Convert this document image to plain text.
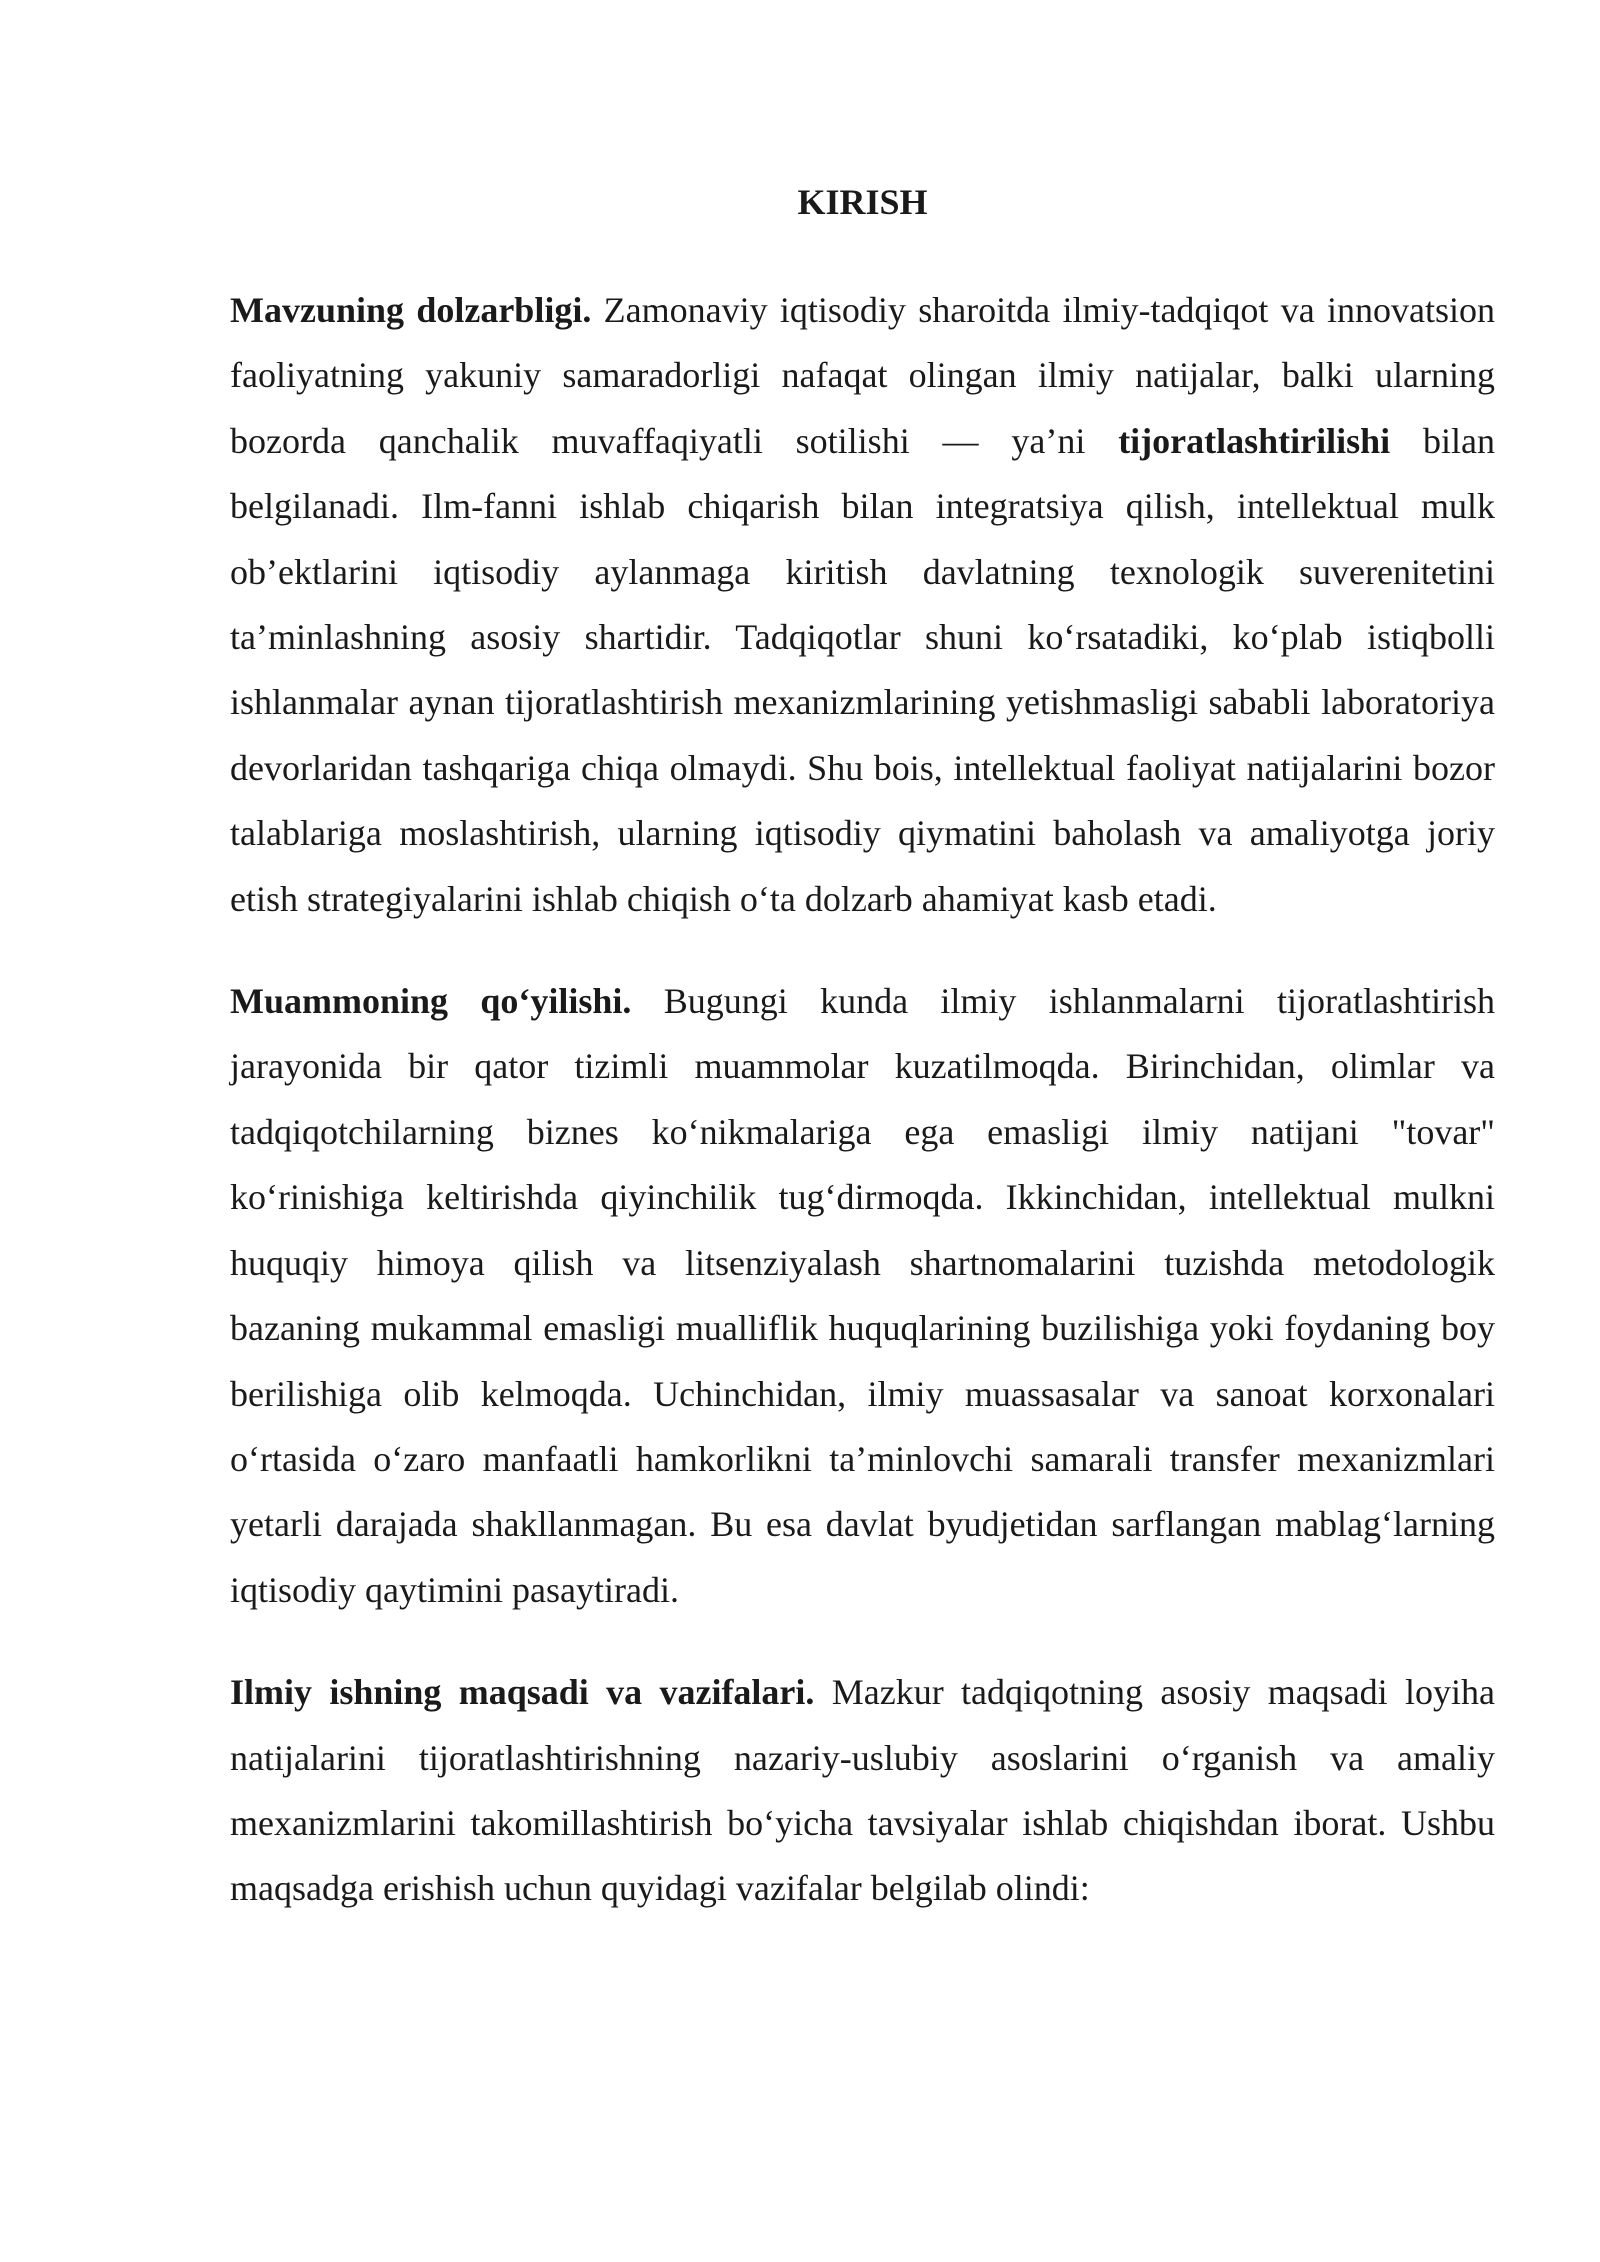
KIRISH

Mavzuning dolzarbligi. Zamonaviy iqtisodiy sharoitda ilmiy-tadqiqot va innovatsion faoliyatning yakuniy samaradorligi nafaqat olingan ilmiy natijalar, balki ularning bozorda qanchalik muvaffaqiyatli sotilishi — ya’ni tijoratlashtirilishi bilan belgilanadi. Ilm-fanni ishlab chiqarish bilan integratsiya qilish, intellektual mulk ob’ektlarini iqtisodiy aylanmaga kiritish davlatning texnologik suverenitetini ta’minlashning asosiy shartidir. Tadqiqotlar shuni ko‘rsatadiki, ko‘plab istiqbolli ishlanmalar aynan tijoratlashtirish mexanizmlarining yetishmasligi sababli laboratoriya devorlaridan tashqariga chiqa olmaydi. Shu bois, intellektual faoliyat natijalarini bozor talablariga moslashtirish, ularning iqtisodiy qiymatini baholash va amaliyotga joriy etish strategiyalarini ishlab chiqish o‘ta dolzarb ahamiyat kasb etadi.

Muammoning qo‘yilishi. Bugungi kunda ilmiy ishlanmalarni tijoratlashtirish jarayonida bir qator tizimli muammolar kuzatilmoqda. Birinchidan, olimlar va tadqiqotchilarning biznes ko‘nikmalariga ega emasligi ilmiy natijani "tovar" ko‘rinishiga keltirishda qiyinchilik tug‘dirmoqda. Ikkinchidan, intellektual mulkni huquqiy himoya qilish va litsenziyalash shartnomalarini tuzishda metodologik bazaning mukammal emasligi mualliflik huquqlarining buzilishiga yoki foydaning boy berilishiga olib kelmoqda. Uchinchidan, ilmiy muassasalar va sanoat korxonalari o‘rtasida o‘zaro manfaatli hamkorlikni ta’minlovchi samarali transfer mexanizmlari yetarli darajada shakllanmagan. Bu esa davlat byudjetidan sarflangan mablag‘larning iqtisodiy qaytimini pasaytiradi.

Ilmiy ishning maqsadi va vazifalari. Mazkur tadqiqotning asosiy maqsadi loyiha natijalarini tijoratlashtirishning nazariy-uslubiy asoslarini o‘rganish va amaliy mexanizmlarini takomillashtirish bo‘yicha tavsiyalar ishlab chiqishdan iborat. Ushbu maqsadga erishish uchun quyidagi vazifalar belgilab olindi:
